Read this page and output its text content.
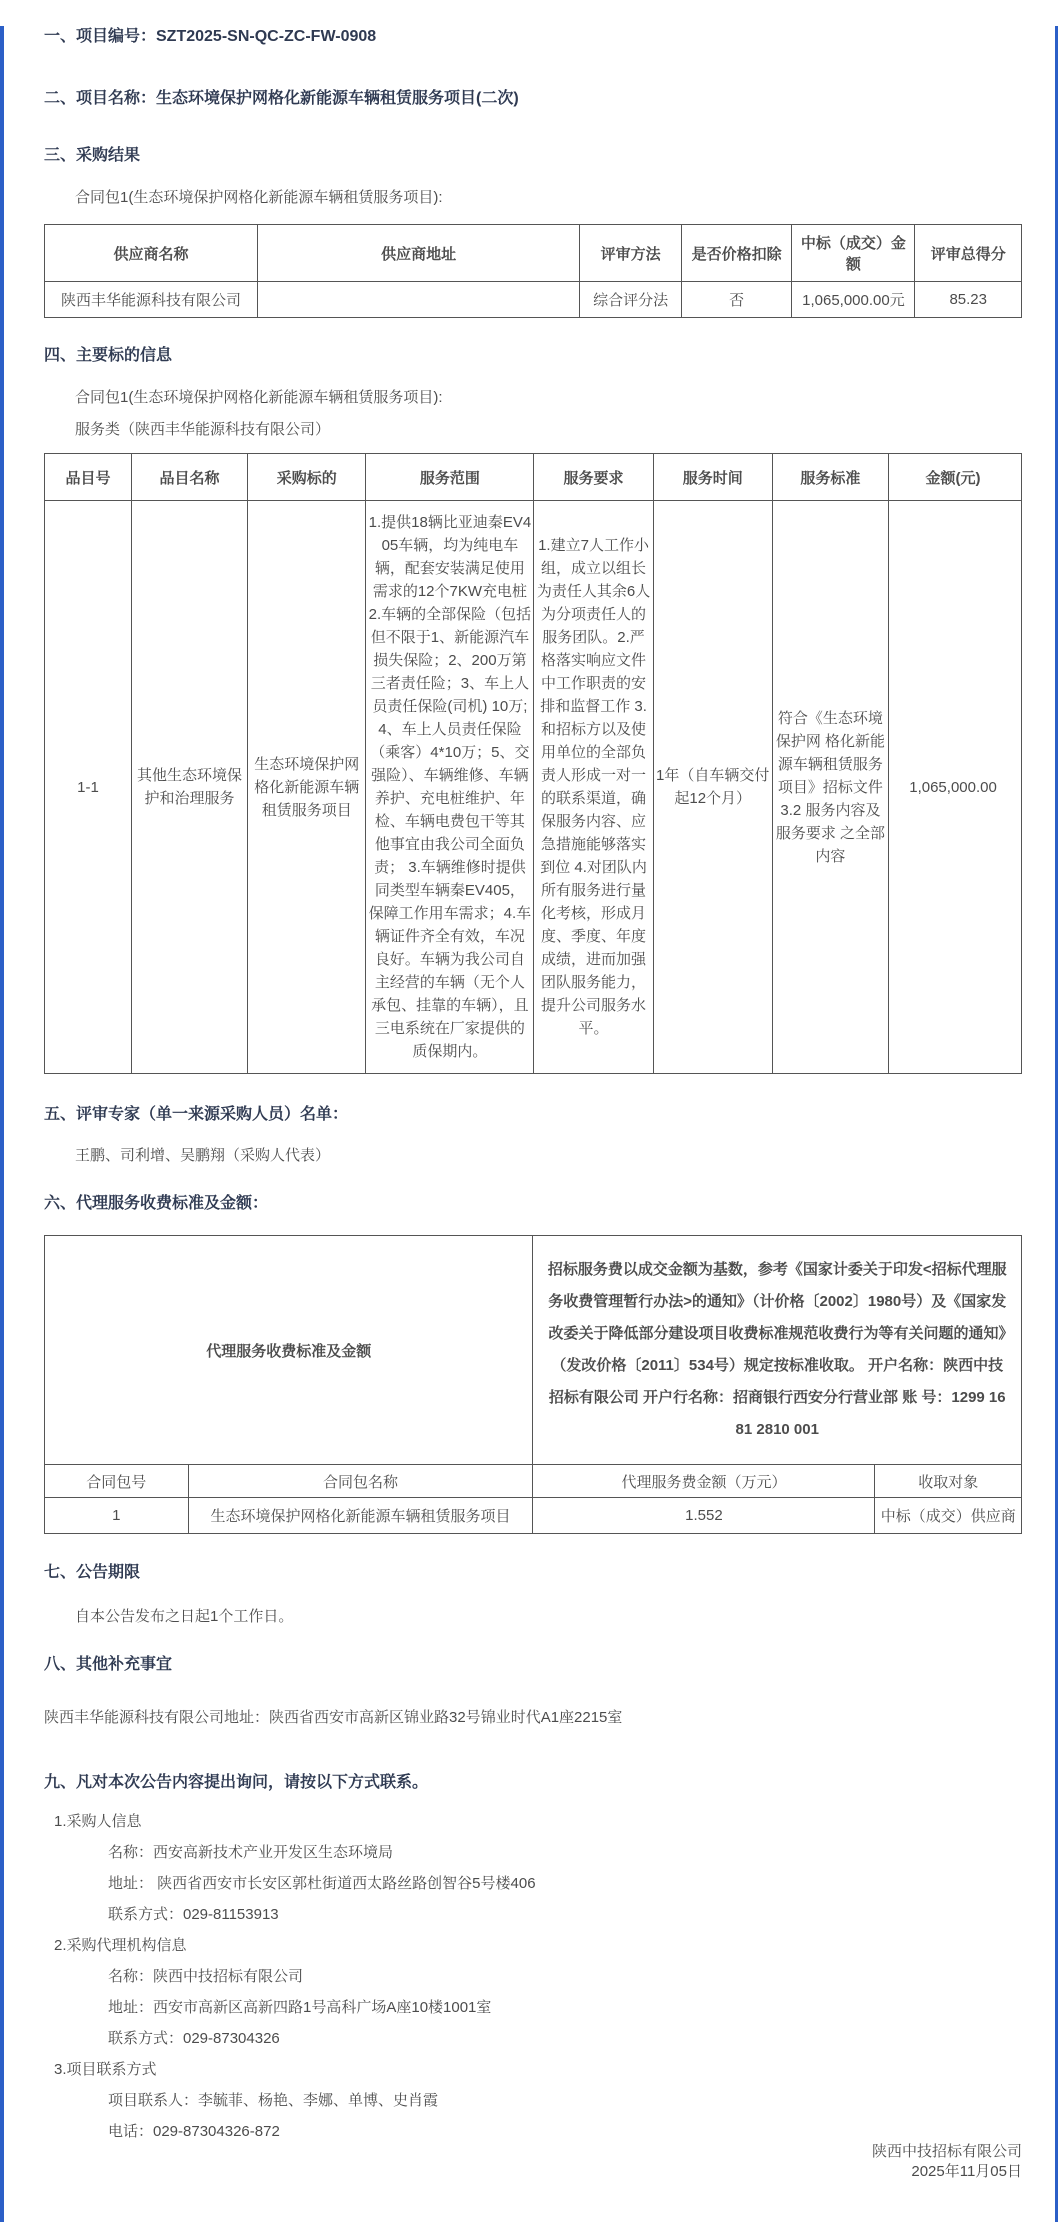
一、项目编号：SZT2025-SN-QC-ZC-FW-0908

二、项目名称：生态环境保护网格化新能源车辆租赁服务项目(二次)

三、采购结果

合同包1(生态环境保护网格化新能源车辆租赁服务项目):

供应商名称	供应商地址	评审方法	是否价格扣除	中标（成交）金额	评审总得分
陕西丰华能源科技有限公司		综合评分法	否	1,065,000.00元	85.23

四、主要标的信息

合同包1(生态环境保护网格化新能源车辆租赁服务项目):

服务类（陕西丰华能源科技有限公司）

品目号	品目名称	采购标的	服务范围	服务要求	服务时间	服务标准	金额(元)
1-1	其他生态环境保护和治理服务	生态环境保护网格化新能源车辆租赁服务项目	1.提供18辆比亚迪秦EV405车辆，均为纯电车辆，配套安装满足使用需求的12个7KW充电桩 2.车辆的全部保险（包括但不限于1、新能源汽车损失保险；2、200万第三者责任险；3、车上人员责任保险(司机) 10万;4、车上人员责任保险（乘客）4*10万；5、交强险）、车辆维修、车辆养护、充电桩维护、年检、车辆电费包干等其他事宜由我公司全面负责； 3.车辆维修时提供同类型车辆秦EV405，保障工作用车需求；4.车辆证件齐全有效，车况良好。车辆为我公司自主经营的车辆（无个人承包、挂靠的车辆），且三电系统在厂家提供的质保期内。	1.建立7人工作小组，成立以组长为责任人其余6人为分项责任人的服务团队。2.严格落实响应文件中工作职责的安排和监督工作 3.和招标方以及使用单位的全部负责人形成一对一的联系渠道，确保服务内容、应急措施能够落实到位 4.对团队内所有服务进行量化考核，形成月度、季度、年度成绩，进而加强团队服务能力，提升公司服务水平。	1年（自车辆交付起12个月）	符合《生态环境保护网 格化新能源车辆租赁服务项目》招标文件 3.2 服务内容及服务要求 之全部内容	1,065,000.00

五、评审专家（单一来源采购人员）名单：

王鹏、司利增、吴鹏翔（采购人代表）

六、代理服务收费标准及金额：

代理服务收费标准及金额		招标服务费以成交金额为基数，参考《国家计委关于印发<招标代理服务收费管理暂行办法>的通知》（计价格〔2002〕1980号）及《国家发改委关于降低部分建设项目收费标准规范收费行为等有关问题的通知》（发改价格〔2011〕534号）规定按标准收取。 开户名称：陕西中技招标有限公司 开户行名称：招商银行西安分行营业部 账 号：1299 1681 2810 001	
合同包号	合同包名称	代理服务费金额（万元）	收取对象
1	生态环境保护网格化新能源车辆租赁服务项目	1.552	中标（成交）供应商

七、公告期限

自本公告发布之日起1个工作日。

八、其他补充事宜

陕西丰华能源科技有限公司地址：陕西省西安市高新区锦业路32号锦业时代A1座2215室

九、凡对本次公告内容提出询问，请按以下方式联系。

1.采购人信息

名称：西安高新技术产业开发区生态环境局

地址： 陕西省西安市长安区郭杜街道西太路丝路创智谷5号楼406

联系方式：029-81153913

2.采购代理机构信息

名称：陕西中技招标有限公司

地址：西安市高新区高新四路1号高科广场A座10楼1001室

联系方式：029-87304326

3.项目联系方式

项目联系人：李毓菲、杨艳、李娜、单博、史肖霞

电话：029-87304326-872

陕西中技招标有限公司

2025年11月05日
